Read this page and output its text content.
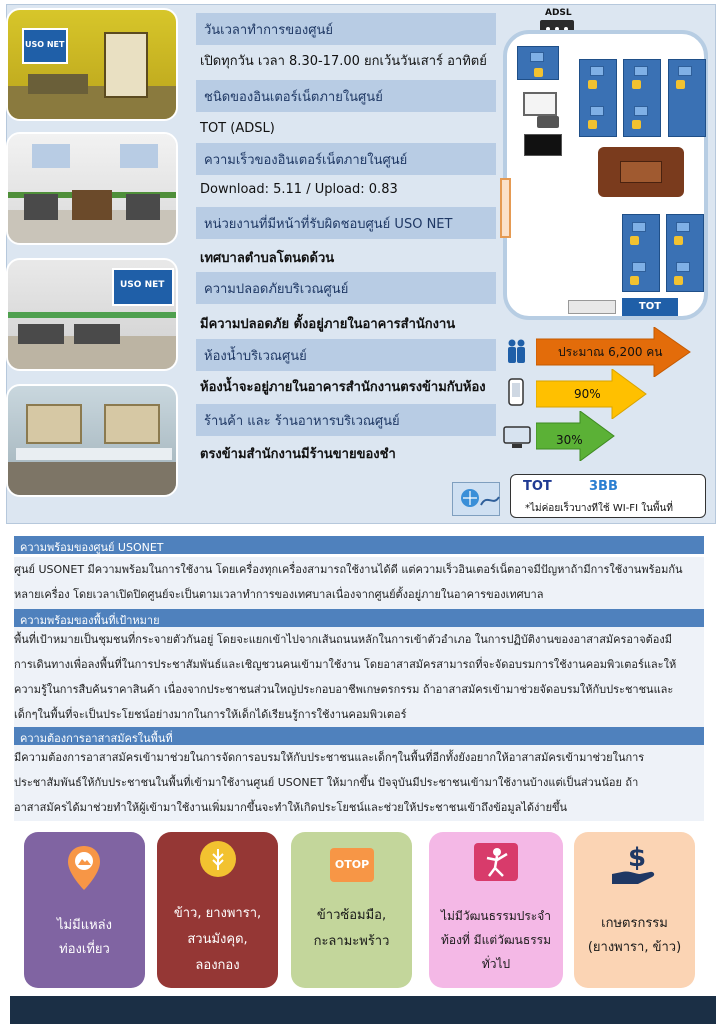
USO NET
USO NET
วันเวลาทำการของศูนย์
เปิดทุกวัน เวลา 8.30-17.00 ยกเว้นวันเสาร์ อาทิตย์
ชนิดของอินเตอร์เน็ตภายในศูนย์
TOT (ADSL)
ความเร็วของอินเตอร์เน็ตภายในศูนย์
Download: 5.11 / Upload: 0.83
หน่วยงานที่มีหน้าที่รับผิดชอบศูนย์ USO NET
เทศบาลตำบลโตนดด้วน
ความปลอดภัยบริเวณศูนย์
มีความปลอดภัย ตั้งอยู่ภายในอาคารสำนักงาน
ห้องน้ำบริเวณศูนย์
ห้องน้ำจะอยู่ภายในอาคารสำนักงานตรงข้ามกับห้อง
ร้านค้า และ ร้านอาหารบริเวณศูนย์
ตรงข้ามสำนักงานมีร้านขายของชำ
ADSL
TOT
ประมาณ 6,200 คน
90%
30%
TOT	3BB
*ไม่ค่อยเร็วบางทีใช้ WI-FI ในพื้นที่
ความพร้อมของศูนย์ USONET
ศูนย์ USONET มีความพร้อมในการใช้งาน โดยเครื่องทุกเครื่องสามารถใช้งานได้ดี แต่ความเร็วอินเตอร์เน็ตอาจมีปัญหาถ้ามีการใช้งานพร้อมกัน
หลายเครื่อง โดยเวลาเปิดปิดศูนย์จะเป็นตามเวลาทำการของเทศบาลเนื่องจากศูนย์ตั้งอยู่ภายในอาคารของเทศบาล
ความพร้อมของพื้นที่เป้าหมาย
พื้นที่เป้าหมายเป็นชุมชนที่กระจายตัวกันอยู่ โดยจะแยกเข้าไปจากเส้นถนนหลักในการเข้าตัวอำเภอ ในการปฏิบัติงานของอาสาสมัครอาจต้องมี
การเดินทางเพื่อลงพื้นที่ในการประชาสัมพันธ์และเชิญชวนคนเข้ามาใช้งาน โดยอาสาสมัครสามารถที่จะจัดอบรมการใช้งานคอมพิวเตอร์และให้
ความรู้ในการสืบค้นราคาสินค้า เนื่องจากประชาชนส่วนใหญ่ประกอบอาชีพเกษตรกรรม ถ้าอาสาสมัครเข้ามาช่วยจัดอบรมให้กับประชาชนและ
เด็กๆในพื้นที่จะเป็นประโยชน์อย่างมากในการให้เด็กได้เรียนรู้การใช้งานคอมพิวเตอร์
ความต้องการอาสาสมัครในพื้นที่
มีความต้องการอาสาสมัครเข้ามาช่วยในการจัดการอบรมให้กับประชาชนและเด็กๆในพื้นที่อีกทั้งยังอยากให้อาสาสมัครเข้ามาช่วยในการ
ประชาสัมพันธ์ให้กับประชาชนในพื้นที่เข้ามาใช้งานศูนย์ USONET ให้มากขึ้น ปัจจุบันมีประชาชนเข้ามาใช้งานบ้างแต่เป็นส่วนน้อย ถ้า
อาสาสมัครได้มาช่วยทำให้ผู้เข้ามาใช้งานเพิ่มมากขึ้นจะทำให้เกิดประโยชน์และช่วยให้ประชาชนเข้าถึงข้อมูลได้ง่ายขึ้น
ไม่มีแหล่ง
ท่องเที่ยว
ข้าว, ยางพารา,
สวนมังคุด,
ลองกอง
OTOP
ข้าวซ้อมมือ,
กะลามะพร้าว
ไม่มีวัฒนธรรมประจำ
ท้องที่ มีแต่วัฒนธรรม
ทั่วไป
$
เกษตรกรรม
(ยางพารา, ข้าว)
